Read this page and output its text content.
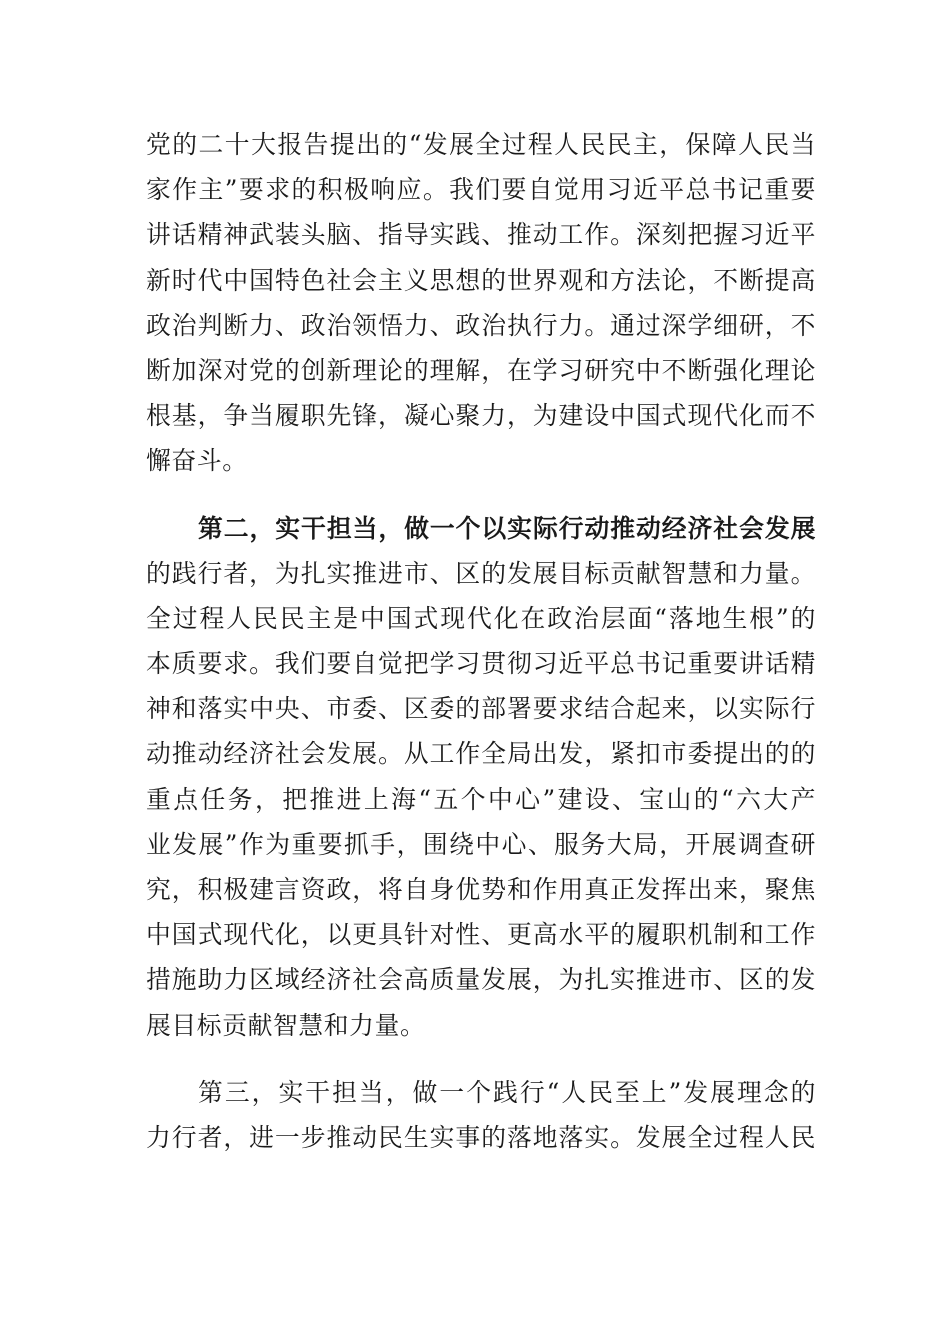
党的二十大报告提出的“发展全过程人民民主，保障人民当
家作主”要求的积极响应。我们要自觉用习近平总书记重要
讲话精神武装头脑、指导实践、推动工作。深刻把握习近平
新时代中国特色社会主义思想的世界观和方法论，不断提高
政治判断力、政治领悟力、政治执行力。通过深学细研，不
断加深对党的创新理论的理解，在学习研究中不断强化理论
根基，争当履职先锋，凝心聚力，为建设中国式现代化而不
懈奋斗。
第二，实干担当，做一个以实际行动推动经济社会发展
的践行者，为扎实推进市、区的发展目标贡献智慧和力量。
全过程人民民主是中国式现代化在政治层面“落地生根”的
本质要求。我们要自觉把学习贯彻习近平总书记重要讲话精
神和落实中央、市委、区委的部署要求结合起来，以实际行
动推动经济社会发展。从工作全局出发，紧扣市委提出的的
重点任务，把推进上海“五个中心”建设、宝山的“六大产
业发展”作为重要抓手，围绕中心、服务大局，开展调查研
究，积极建言资政，将自身优势和作用真正发挥出来，聚焦
中国式现代化，以更具针对性、更高水平的履职机制和工作
措施助力区域经济社会高质量发展，为扎实推进市、区的发
展目标贡献智慧和力量。
第三，实干担当，做一个践行“人民至上”发展理念的
力行者，进一步推动民生实事的落地落实。发展全过程人民
